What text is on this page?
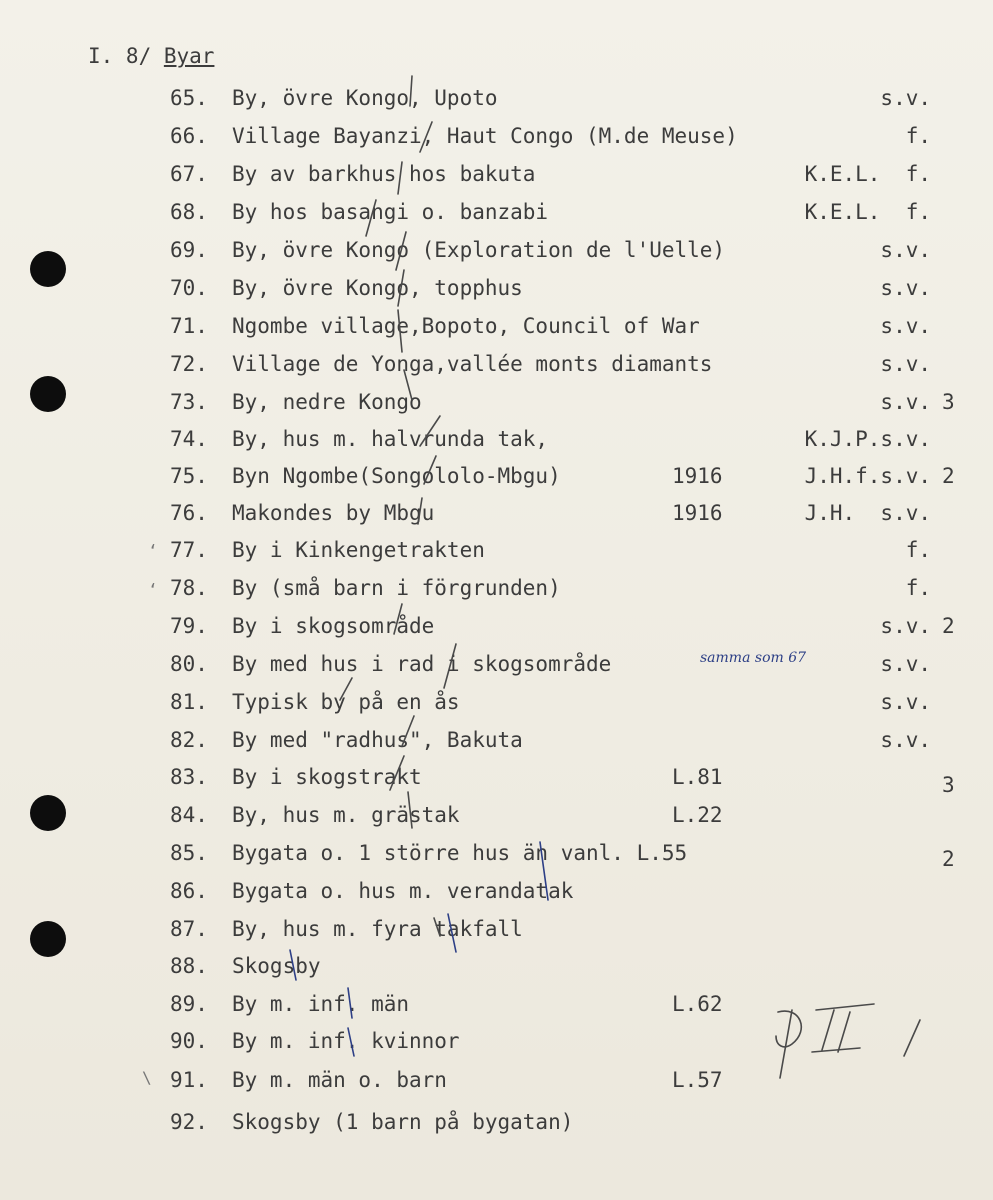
I. 8/ Byar
65. By, övre Kongo, Upoto	s.v.
66. Village Bayanzi, Haut Congo (M.de Meuse)	f.
67. By av barkhus hos bakuta	K.E.L.  f.
68. By hos basangi o. banzabi	K.E.L.  f.
69. By, övre Kongo (Exploration de l'Uelle)	s.v.
70. By, övre Kongo, topphus	s.v.
71. Ngombe village,Bopoto, Council of War	s.v.
72. Village de Yonga,vallée monts diamants	s.v.
73. By, nedre Kongo	s.v. 3
74. By, hus m. halvrunda tak,	K.J.P.s.v.
75. Byn Ngombe(Songololo-Mbgu)	1916	J.H.f.s.v. 2
76. Makondes by Mbgu	1916	J.H.  s.v.
77. By i Kinkengetrakten	f.
78. By (små barn i förgrunden)	f.
79. By i skogsområde	s.v. 2
80. By med hus i rad i skogsområde	s.v.
81. Typisk by på en ås	s.v.
82. By med "radhus", Bakuta	s.v.
83. By i skogstrakt	L.81	3
84. By, hus m. grästak	L.22
85. Bygata o. 1 större hus än vanl. L.55	2
86. Bygata o. hus m. verandatak
87. By, hus m. fyra takfall
88. Skogsby
89. By m. inf. män	L.62
90. By m. inf. kvinnor
91. By m. män o. barn	L.57
92. Skogsby (1 barn på bygatan)
‘
‘
\
samma som 67
